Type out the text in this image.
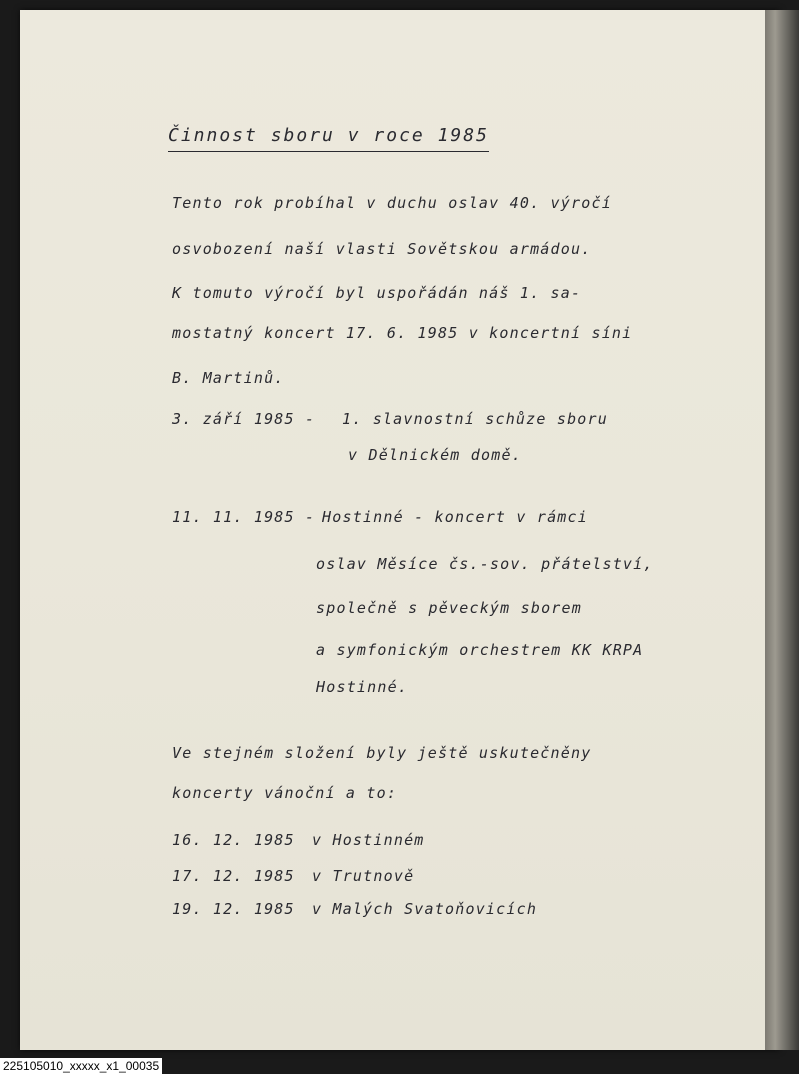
Činnost sboru v roce 1985
Tento rok probíhal v duchu oslav 40. výročí
osvobození naší vlasti Sovětskou armádou.
K tomuto výročí byl uspořádán náš 1. sa-
mostatný koncert 17. 6. 1985 v koncertní síni
B. Martinů.
3. září 1985 - 1. slavnostní schůze sboru
v Dělnickém domě.
11. 11. 1985 - Hostinné - koncert v rámci
oslav Měsíce čs.-sov. přátelství,
společně s pěveckým sborem
a symfonickým orchestrem KK KRPA
Hostinné.
Ve stejném složení byly ještě uskutečněny
koncerty vánoční a to:
16. 12. 1985 v Hostinném
17. 12. 1985 v Trutnově
19. 12. 1985 v Malých Svatoňovicích
225105010_xxxxx_x1_00035
